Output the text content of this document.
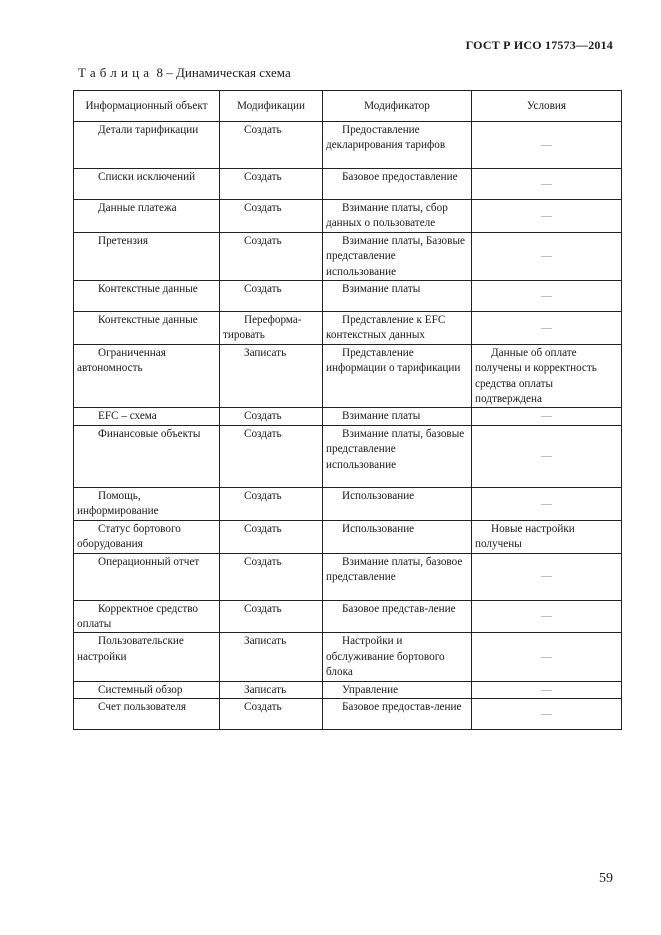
ГОСТ Р ИСО 17573—2014
Таблица 8 – Динамическая схема
Информационный объект	Модификации	Модификатор	Условия
Детали тарификации	Создать	Предоставление декларирования тарифов	—
Списки исключений	Создать	Базовое предоставление	—
Данные платежа	Создать	Взимание платы, сбор данных о пользователе	—
Претензия	Создать	Взимание платы, Базовые представление использование	—
Контекстные данные	Создать	Взимание платы	—
Контекстные данные	Перeформа-тировать	Представление к EFC контекстных данных	—
Ограниченная автономность	Записать	Представление информации о тарификации	Данные об оплате получены и корректность средства оплаты подтверждена
EFC – схема	Создать	Взимание платы	—
Финансовые объекты	Создать	Взимание платы, базовые представление использование	—
Помощь, информирование	Создать	Использование	—
Статус бортового оборудования	Создать	Использование	Новые настройки получены
Операционный отчет	Создать	Взимание платы, базовое представление	—
Корректное средство оплаты	Создать	Базовое представ-ление	—
Пользовательские настройки	Записать	Настройки и обслуживание бортового блока	—
Системный обзор	Записать	Управление	—
Счет пользователя	Создать	Базовое предостав-ление	—
59
